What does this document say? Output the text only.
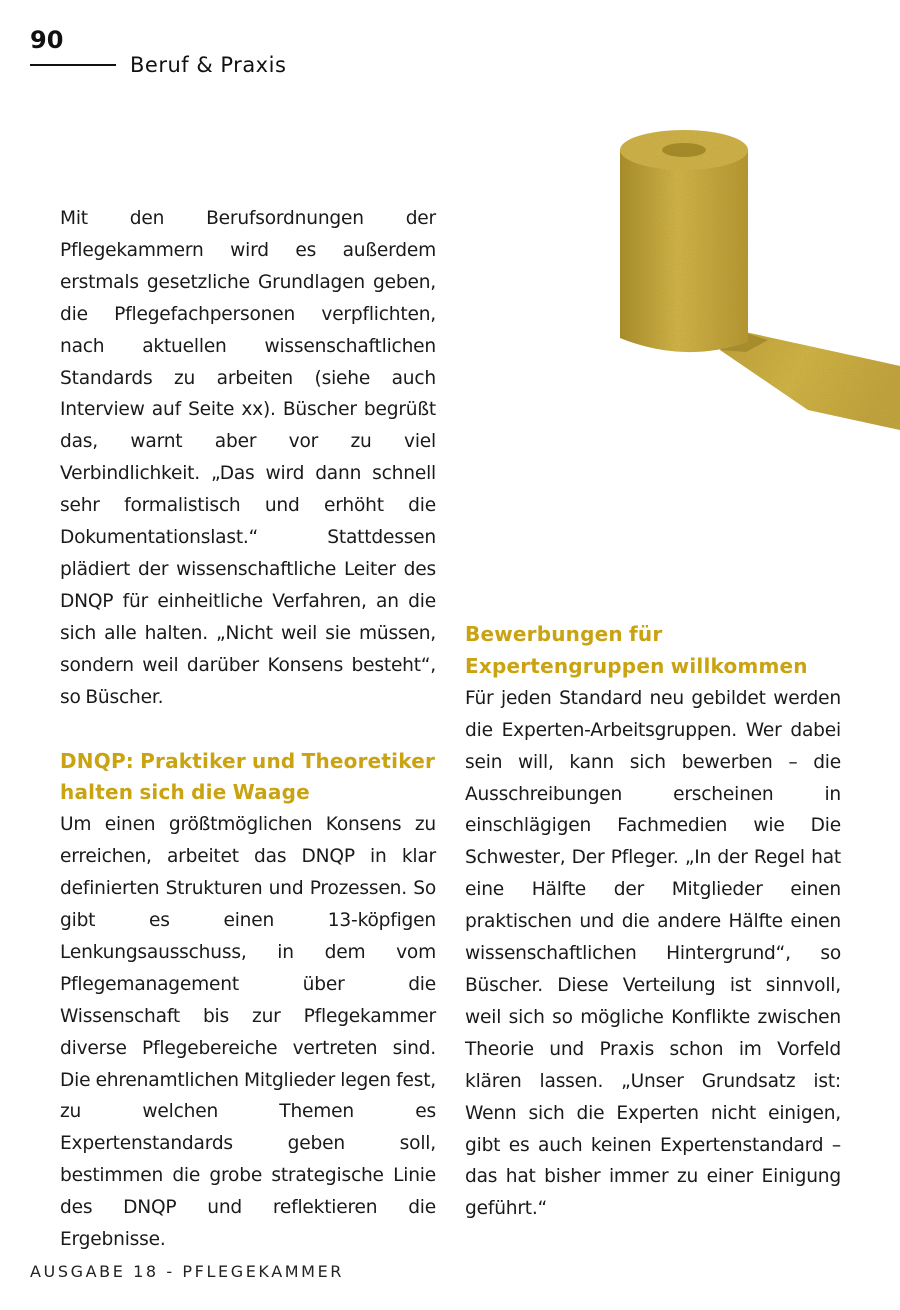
90
Beruf & Praxis

Mit den Berufsordnungen der Pflegekammern wird es außerdem erstmals gesetzliche Grundlagen geben, die Pflegefachpersonen verpflichten, nach aktuellen wissenschaftlichen Standards zu arbeiten (siehe auch Interview auf Seite xx). Büscher begrüßt das, warnt aber vor zu viel Verbindlichkeit. „Das wird dann schnell sehr formalistisch und erhöht die Dokumentationslast.“ Stattdessen plädiert der wissenschaftliche Leiter des DNQP für einheitliche Verfahren, an die sich alle halten. „Nicht weil sie müssen, sondern weil darüber Konsens besteht“, so Büscher.

DNQP: Praktiker und Theoretiker halten sich die Waage

Um einen größtmöglichen Konsens zu erreichen, arbeitet das DNQP in klar definierten Strukturen und Prozessen. So gibt es einen 13-köpfigen Lenkungsausschuss, in dem vom Pflegemanagement über die Wissenschaft bis zur Pflegekammer diverse Pflegebereiche vertreten sind. Die ehrenamtlichen Mitglieder legen fest, zu welchen Themen es Expertenstandards geben soll, bestimmen die grobe strategische Linie des DNQP und reflektieren die Ergebnisse.

Bewerbungen für Expertengruppen willkommen

Für jeden Standard neu gebildet werden die Experten-Arbeitsgruppen. Wer dabei sein will, kann sich bewerben – die Ausschreibungen erscheinen in einschlägigen Fachmedien wie Die Schwester, Der Pfleger. „In der Regel hat eine Hälfte der Mitglieder einen praktischen und die andere Hälfte einen wissenschaftlichen Hintergrund“, so Büscher. Diese Verteilung ist sinnvoll, weil sich so mögliche Konflikte zwischen Theorie und Praxis schon im Vorfeld klären lassen. „Unser Grundsatz ist: Wenn sich die Experten nicht einigen, gibt es auch keinen Expertenstandard – das hat bisher immer zu einer Einigung geführt.“

AUSGABE 18 - PFLEGEKAMMER
